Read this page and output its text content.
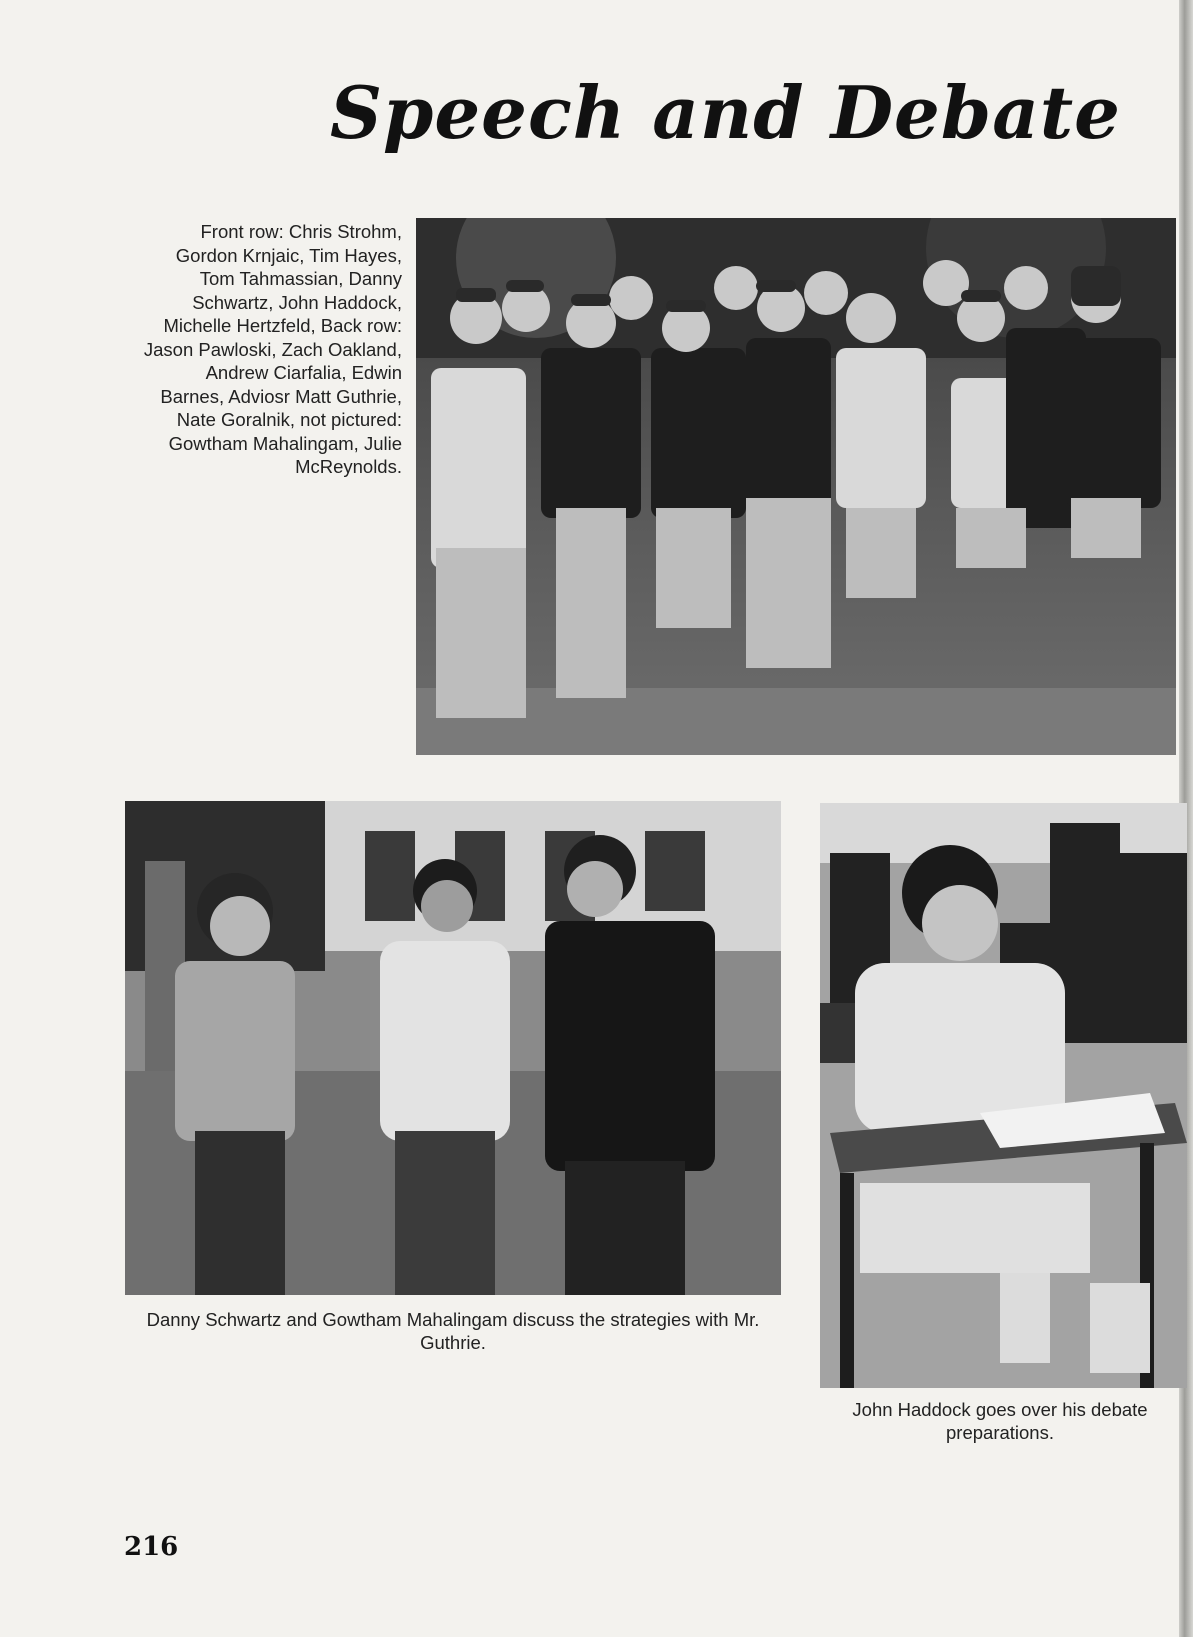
Speech and Debate
Front row: Chris Strohm, Gordon Krnjaic, Tim Hayes, Tom Tahmassian, Danny Schwartz, John Haddock, Michelle Hertzfeld, Back row: Jason Pawloski, Zach Oakland, Andrew Ciarfalia, Edwin Barnes, Adviosr Matt Guthrie, Nate Goralnik, not pictured: Gowtham Mahalingam, Julie McReynolds.
Danny Schwartz and Gowtham Mahalingam discuss the strategies with Mr. Guthrie.
John Haddock goes over his debate preparations.
216
